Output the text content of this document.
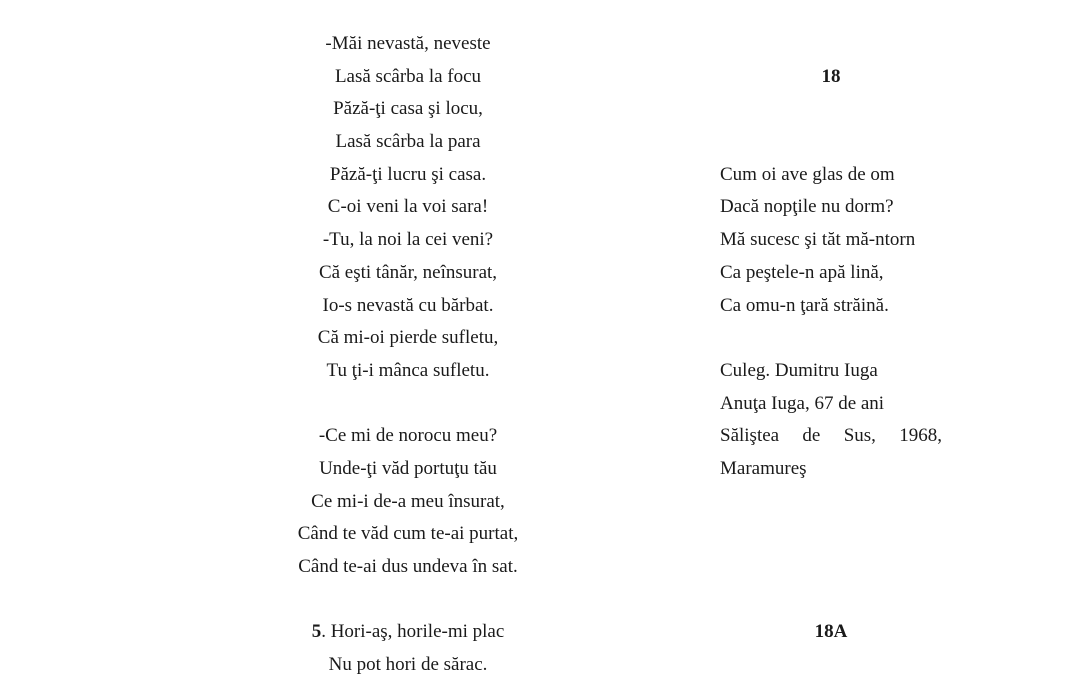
-Măi nevastă, neveste
Lasă scârba la focu
Păză-ţi casa şi locu,
Lasă scârba la para
Păză-ţi lucru şi casa.
C-oi veni la voi sara!
-Tu, la noi la cei veni?
Că eşti tânăr, neînsurat,
Io-s nevastă cu bărbat.
Că mi-oi pierde sufletu,
Tu ţi-i mânca sufletu.
-Ce mi de norocu meu?
Unde-ţi văd portuţu tău
Ce mi-i de-a meu însurat,
Când te văd cum te-ai purtat,
Când te-ai dus undeva în sat.
5. Hori-aş, horile-mi plac
Nu pot hori de sărac.
18
Cum oi ave glas de om
Dacă nopţile nu dorm?
Mă sucesc şi tăt mă-ntorn
Ca peştele-n apă lină,
Ca omu-n ţară străină.
Culeg. Dumitru Iuga
Anuţa Iuga, 67 de ani
Săliştea de Sus, 1968,
Maramureş
18A
